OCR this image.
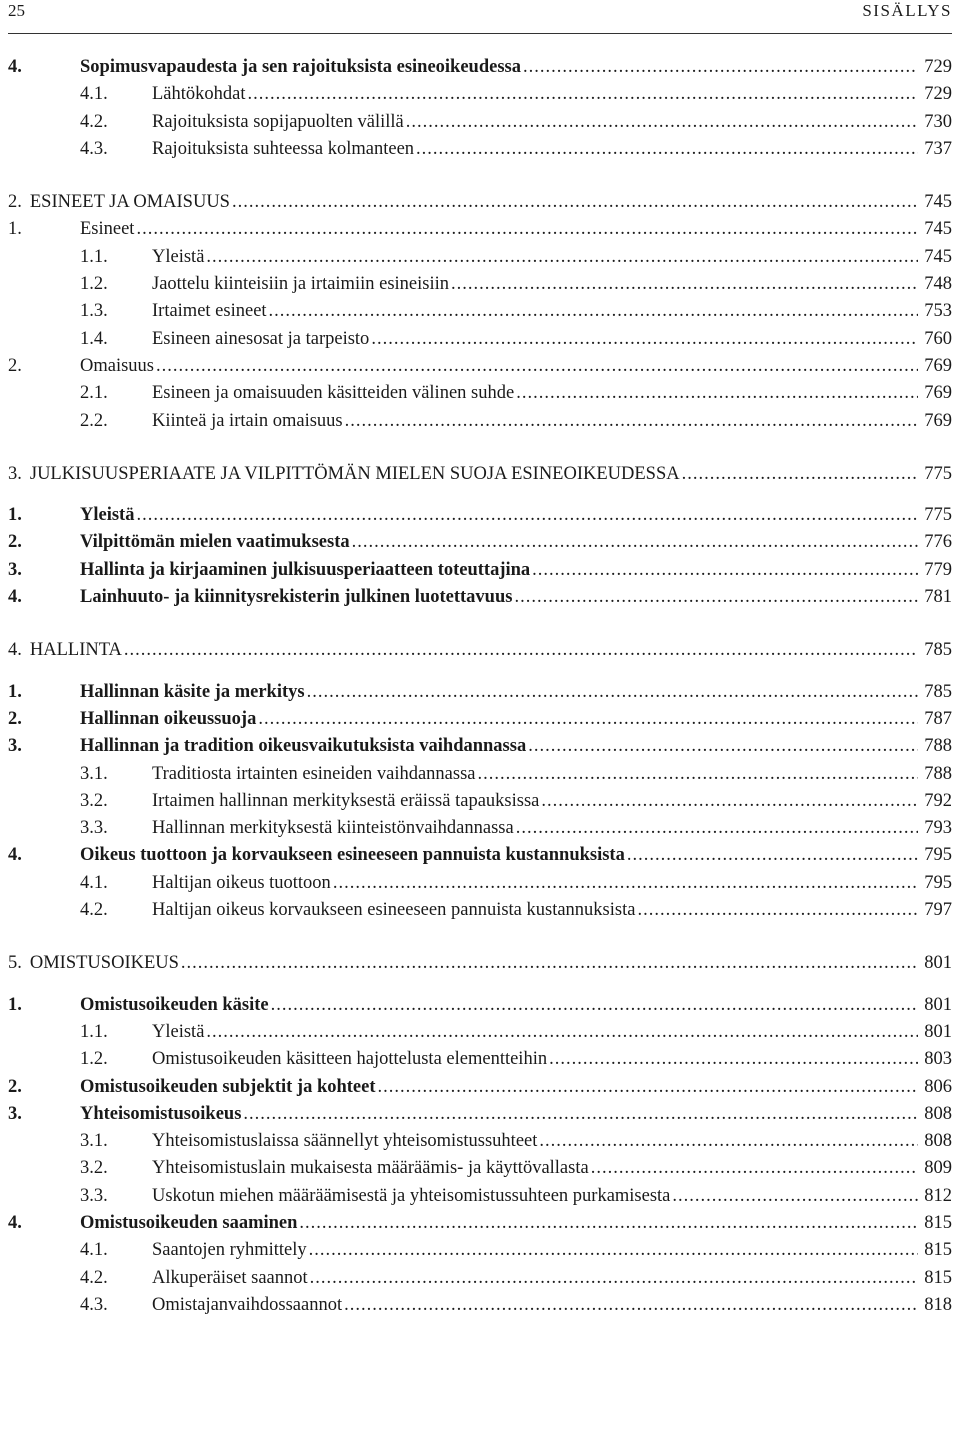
25	SISÄLLYS
4.	Sopimusvapaudesta ja sen rajoituksista esineoikeudessa .....	729
4.1.	Lähtökohdat .....	729
4.2.	Rajoituksista sopijapuolten välillä .....	730
4.3.	Rajoituksista suhteessa kolmanteen .....	737
2. ESINEET JA OMAISUUS .....	745
1.	Esineet .....	745
1.1.	Yleistä .....	745
1.2.	Jaottelu kiinteisiin ja irtaimiin esineisiin .....	748
1.3.	Irtaimet esineet .....	753
1.4.	Esineen ainesosat ja tarpeisto .....	760
2.	Omaisuus .....	769
2.1.	Esineen ja omaisuuden käsitteiden välinen suhde .....	769
2.2.	Kiinteä ja irtain omaisuus .....	769
3. JULKISUUSPERIAATE JA VILPITTÖMÄN MIELEN SUOJA ESINEOIKEUDESSA .....	775
1.	Yleistä .....	775
2.	Vilpittömän mielen vaatimuksesta .....	776
3.	Hallinta ja kirjaaminen julkisuusperiaatteen toteuttajina .....	779
4.	Lainhuuto- ja kiinnitysrekisterin julkinen luotettavuus .....	781
4. HALLINTA .....	785
1.	Hallinnan käsite ja merkitys .....	785
2.	Hallinnan oikeussuoja .....	787
3.	Hallinnan ja tradition oikeusvaikutuksista vaihdannassa .....	788
3.1.	Traditiosta irtainten esineiden vaihdannassa .....	788
3.2.	Irtaimen hallinnan merkityksestä eräissä tapauksissa .....	792
3.3.	Hallinnan merkityksestä kiinteistönvaihdannassa .....	793
4.	Oikeus tuottoon ja korvaukseen esineeseen pannuista kustannuksista .....	795
4.1.	Haltijan oikeus tuottoon .....	795
4.2.	Haltijan oikeus korvaukseen esineeseen pannuista kustannuksista .....	797
5. OMISTUSOIKEUS .....	801
1.	Omistusoikeuden käsite .....	801
1.1.	Yleistä .....	801
1.2.	Omistusoikeuden käsitteen hajottelusta elementteihin .....	803
2.	Omistusoikeuden subjektit ja kohteet .....	806
3.	Yhteisomistusoikeus .....	808
3.1.	Yhteisomistuslaissa säännellyt yhteisomistussuhteet .....	808
3.2.	Yhteisomistuslain mukaisesta määräämis- ja käyttövallasta .....	809
3.3.	Uskotun miehen määräämisestä ja yhteisomistussuhteen purkamisesta .....	812
4.	Omistusoikeuden saaminen .....	815
4.1.	Saantojen ryhmittely .....	815
4.2.	Alkuperäiset saannot .....	815
4.3.	Omistajanvaihdossaannot .....	818
